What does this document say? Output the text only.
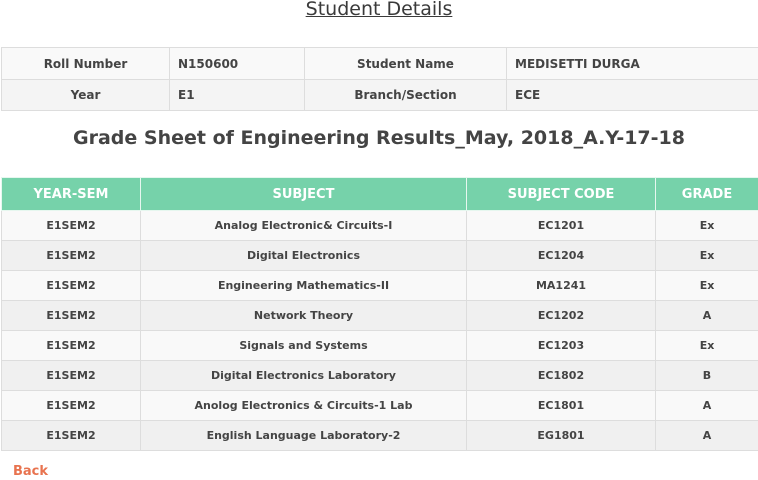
Student Details
Roll Number	N150600	Student Name	MEDISETTI DURGA
Year	E1	Branch/Section	ECE
Grade Sheet of Engineering Results_May, 2018_A.Y-17-18
YEAR-SEM	SUBJECT	SUBJECT CODE	GRADE
E1SEM2	Analog Electronic& Circuits-I	EC1201	Ex
E1SEM2	Digital Electronics	EC1204	Ex
E1SEM2	Engineering Mathematics-II	MA1241	Ex
E1SEM2	Network Theory	EC1202	A
E1SEM2	Signals and Systems	EC1203	Ex
E1SEM2	Digital Electronics Laboratory	EC1802	B
E1SEM2	Anolog Electronics & Circuits-1 Lab	EC1801	A
E1SEM2	English Language Laboratory-2	EG1801	A
Back
